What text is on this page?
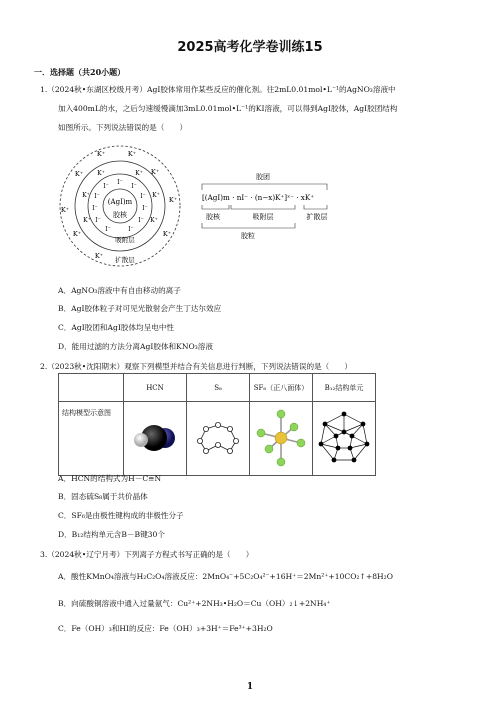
2025高考化学卷训练15
一．选择题（共20小题）
1.（2024秋•东湖区校级月考）AgI胶体常用作某些反应的催化剂。往2mL0.01mol•L⁻¹的AgNO₃溶液中
加入400mL的水，之后匀速缓慢滴加3mL0.01mol•L⁻¹的KI溶液，可以得到AgI胶体，AgI胶团结构
如图所示。下列说法错误的是（　　）
(AgI)m
胶核
I⁻
I⁻
I⁻
I⁻
I⁻
I⁻
I⁻
I⁻
I⁻
I⁻
I⁻
K⁺	K⁺
K⁺
K⁺
K⁺
K⁺
K⁺	K⁺
K⁺
K⁺
K⁺
K⁺
K⁺
K⁺
K⁺
吸附层
扩散层
胶团
[(AgI)m · nI⁻ · (n−x)K⁺]ˣ⁻ · xK⁺
胶核	吸附层	扩散层
胶粒
A．AgNO₃溶液中有自由移动的离子
B．AgI胶体粒子对可见光散射会产生丁达尔效应
C．AgI胶团和AgI胶体均呈电中性
D．能用过滤的方法分离AgI胶体和KNO₃溶液
2.（2023秋•沈阳期末）观察下列模型并结合有关信息进行判断，下列说法错误的是（　　）
	HCN	S₈	SF₆（正八面体）	B₁₂结构单元
结构模型示意图				
A．HCN的结构式为H－C≡N
B．固态硫S₈属于共价晶体
C．SF₆是由极性键构成的非极性分子
D．B₁₂结构单元含B－B键30个
3.（2024秋•辽宁月考）下列离子方程式书写正确的是（　　）
A．酸性KMnO₄溶液与H₂C₂O₄溶液反应：2MnO₄⁻+5C₂O₄²⁻+16H⁺＝2Mn²⁺+10CO₂↑+8H₂O
B．向硫酸铜溶液中通入过量氨气：Cu²⁺+2NH₃•H₂O＝Cu（OH）₂↓+2NH₄⁺
C．Fe（OH）₃和HI的反应：Fe（OH）₃+3H⁺＝Fe³⁺+3H₂O
1
